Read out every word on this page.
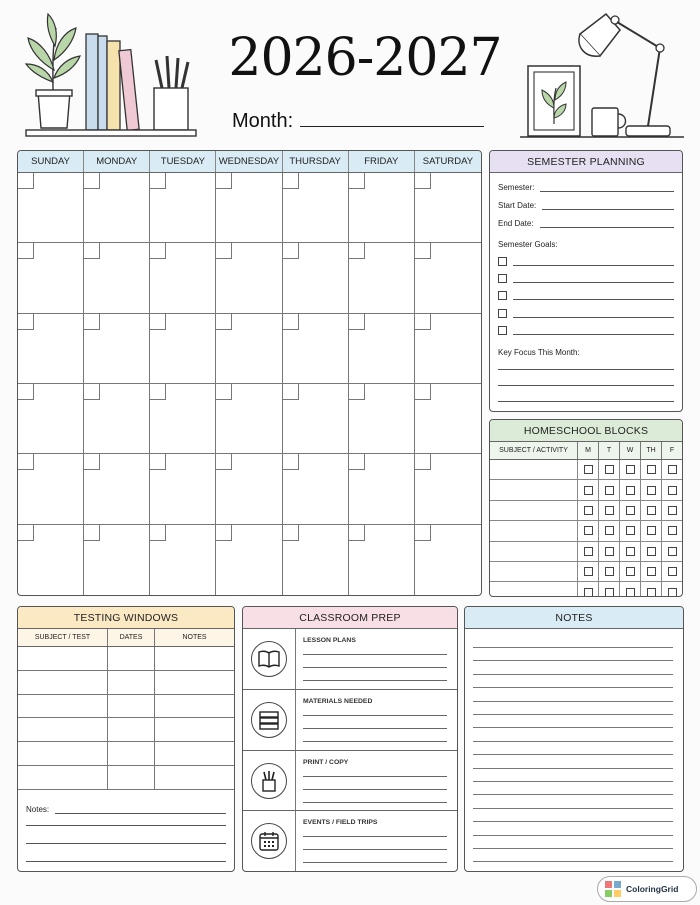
2026-2027
Month:
SUNDAY	MONDAY	TUESDAY	WEDNESDAY	THURSDAY	FRIDAY	SATURDAY	SEMESTER PLANNING
Semester:
Start Date:
End Date:
Semester Goals:
Key Focus This Month:
HOMESCHOOL BLOCKS
SUBJECT / ACTIVITY	M	T	W	TH	F
TESTING WINDOWS
SUBJECT / TEST	DATES	NOTES
Notes:
CLASSROOM PREP
LESSON PLANS
MATERIALS NEEDED
PRINT / COPY
EVENTS / FIELD TRIPS
NOTES
ColoringGrid
